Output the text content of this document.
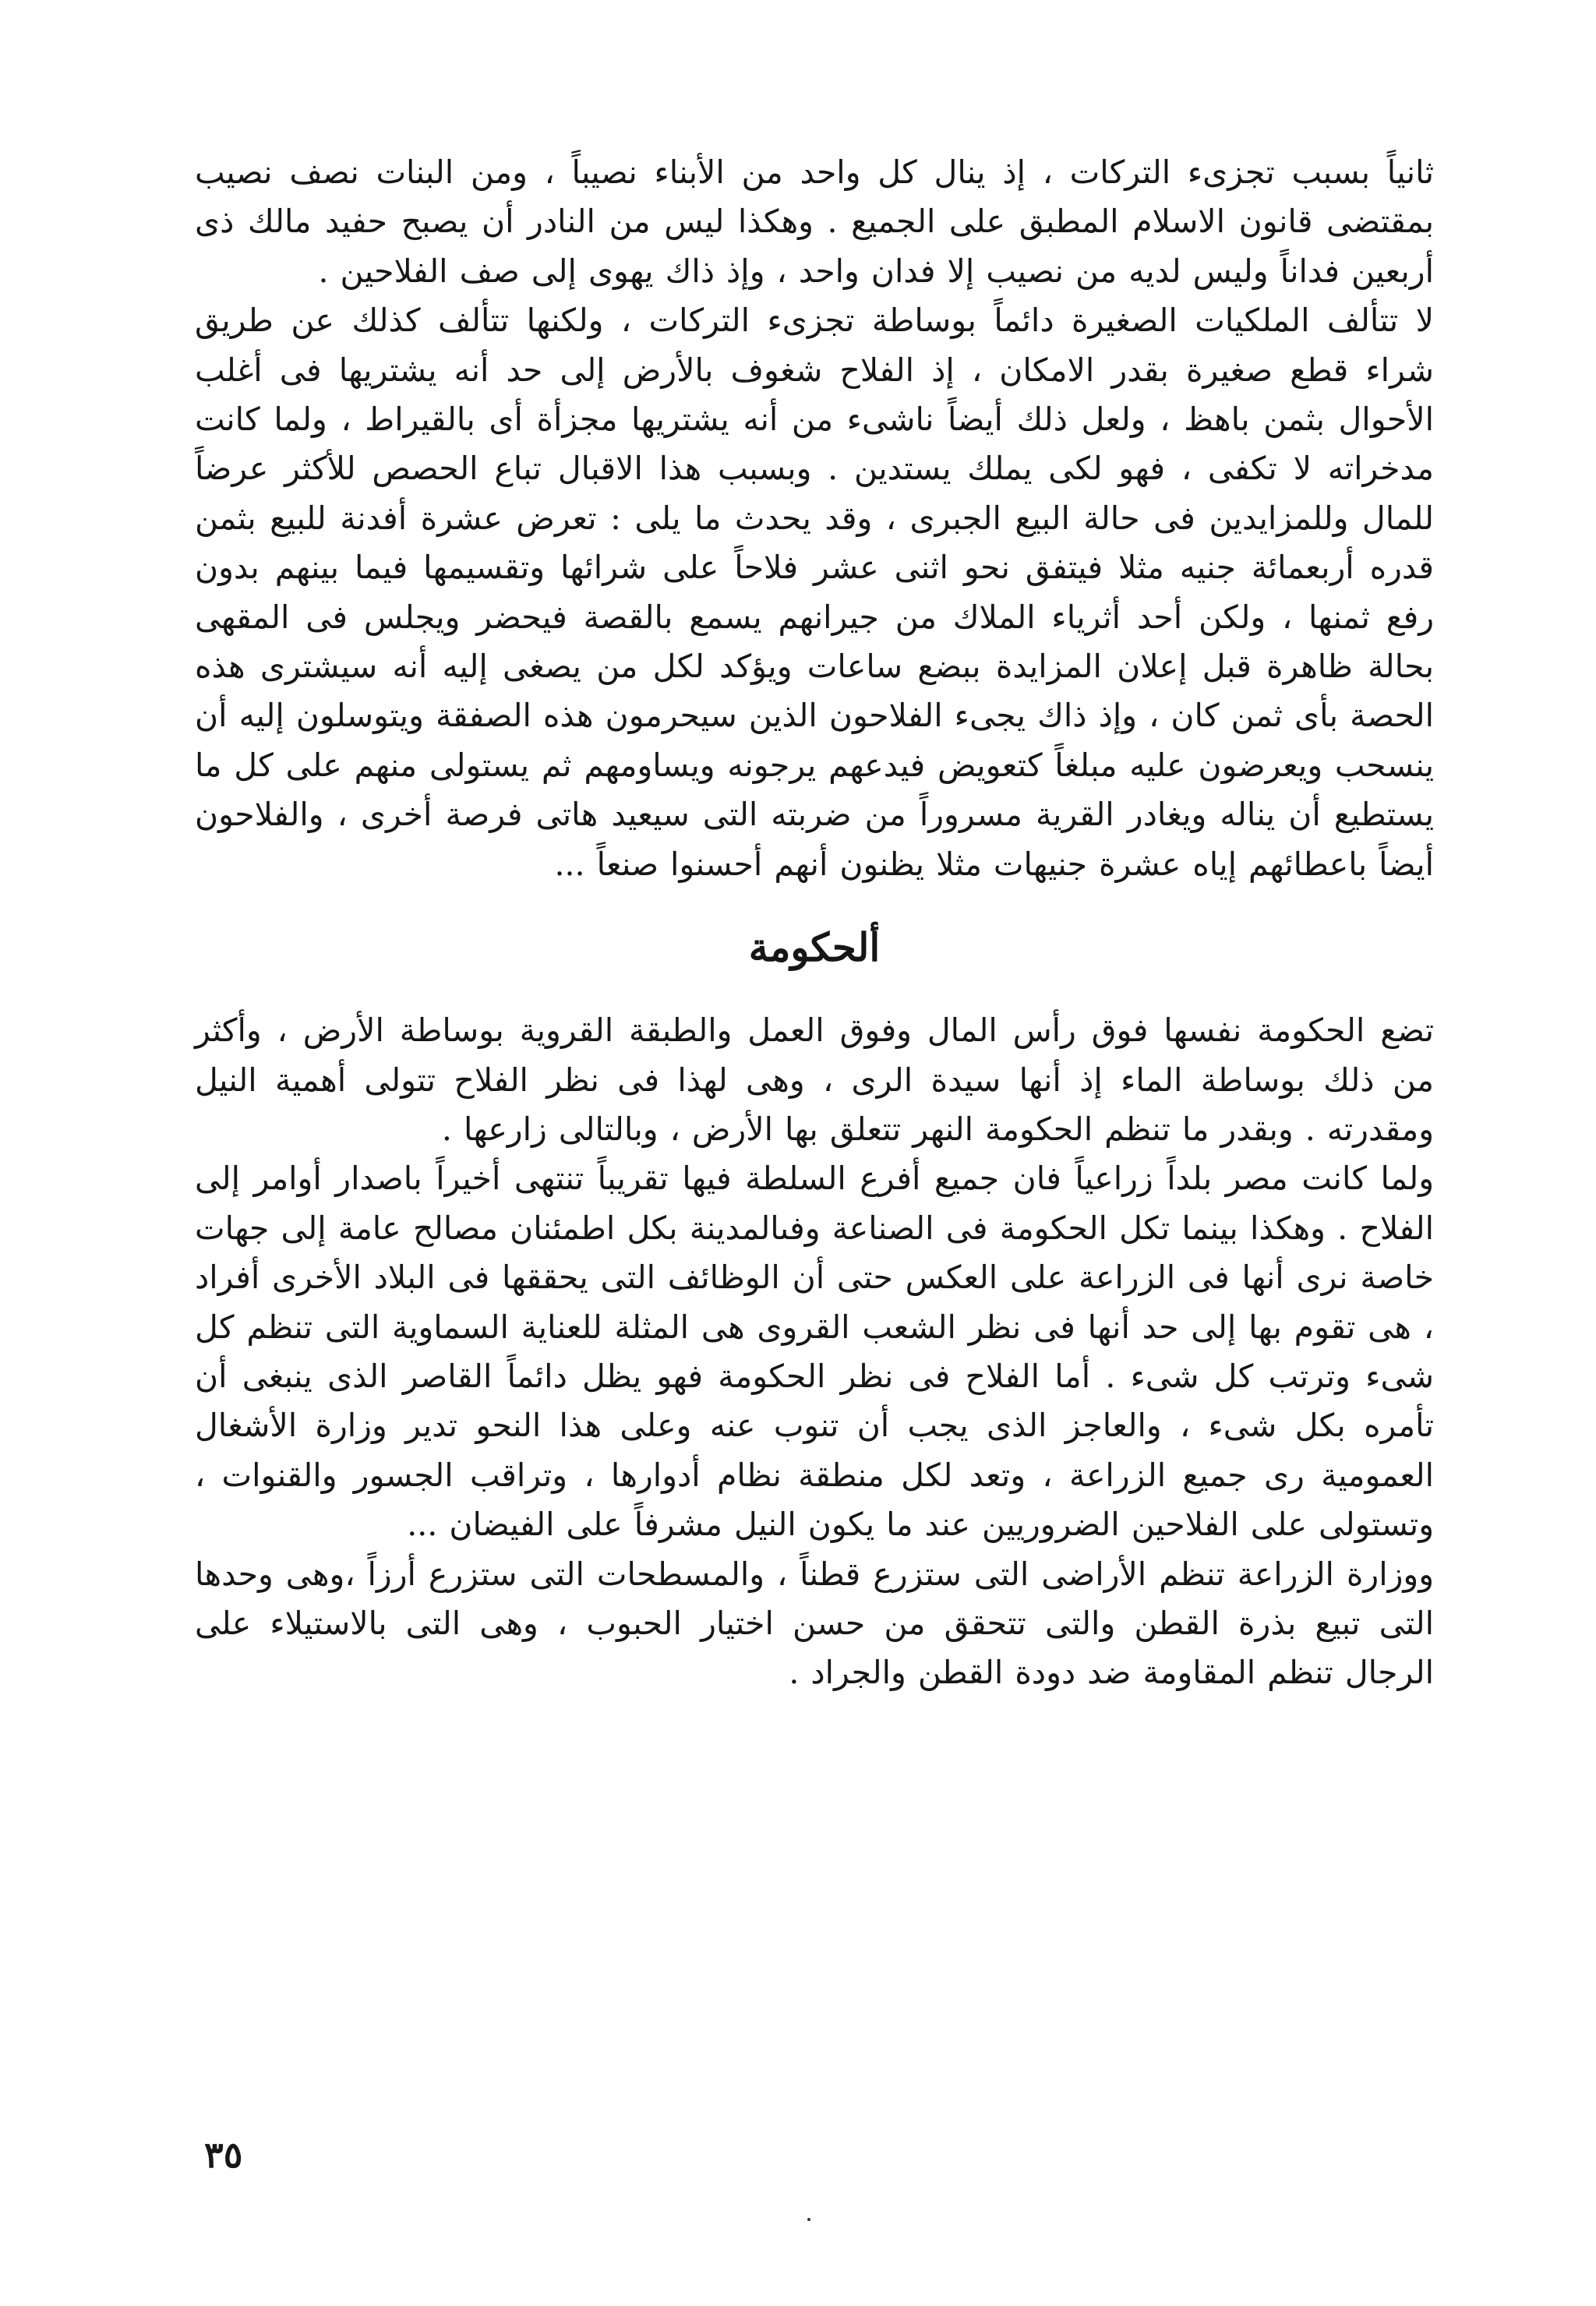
ثانياً بسبب تجزىء التركات ، إذ ينال كل واحد من الأبناء نصيباً ، ومن البنات نصف نصيب بمقتضى قانون الاسلام المطبق على الجميع . وهكذا ليس من النادر أن يصبح حفيد مالك ذى أربعين فداناً وليس لديه من نصيب إلا فدان واحد ، وإذ ذاك يهوى إلى صف الفلاحين .

لا تتألف الملكيات الصغيرة دائماً بوساطة تجزىء التركات ، ولكنها تتألف كذلك عن طريق شراء قطع صغيرة بقدر الامكان ، إذ الفلاح شغوف بالأرض إلى حد أنه يشتريها فى أغلب الأحوال بثمن باهظ ، ولعل ذلك أيضاً ناشىء من أنه يشتريها مجزأة أى بالقيراط ، ولما كانت مدخراته لا تكفى ، فهو لكى يملك يستدين . وبسبب هذا الاقبال تباع الحصص للأكثر عرضاً للمال وللمزايدين فى حالة البيع الجبرى ، وقد يحدث ما يلى : تعرض عشرة أفدنة للبيع بثمن قدره أربعمائة جنيه مثلا فيتفق نحو اثنى عشر فلاحاً على شرائها وتقسيمها فيما بينهم بدون رفع ثمنها ، ولكن أحد أثرياء الملاك من جيرانهم يسمع بالقصة فيحضر ويجلس فى المقهى بحالة ظاهرة قبل إعلان المزايدة ببضع ساعات ويؤكد لكل من يصغى إليه أنه سيشترى هذه الحصة بأى ثمن كان ، وإذ ذاك يجىء الفلاحون الذين سيحرمون هذه الصفقة ويتوسلون إليه أن ينسحب ويعرضون عليه مبلغاً كتعويض فيدعهم يرجونه ويساومهم ثم يستولى منهم على كل ما يستطيع أن يناله ويغادر القرية مسروراً من ضربته التى سيعيد هاتى فرصة أخرى ، والفلاحون أيضاً باعطائهم إياه عشرة جنيهات مثلا يظنون أنهم أحسنوا صنعاً ...

ألحكومة

تضع الحكومة نفسها فوق رأس المال وفوق العمل والطبقة القروية بوساطة الأرض ، وأكثر من ذلك بوساطة الماء إذ أنها سيدة الرى ، وهى لهذا فى نظر الفلاح تتولى أهمية النيل ومقدرته . وبقدر ما تنظم الحكومة النهر تتعلق بها الأرض ، وبالتالى زارعها .

ولما كانت مصر بلداً زراعياً فان جميع أفرع السلطة فيها تقريباً تنتهى أخيراً باصدار أوامر إلى الفلاح . وهكذا بينما تكل الحكومة فى الصناعة وفىالمدينة بكل اطمئنان مصالح عامة إلى جهات خاصة نرى أنها فى الزراعة على العكس حتى أن الوظائف التى يحققها فى البلاد الأخرى أفراد ، هى تقوم بها إلى حد أنها فى نظر الشعب القروى هى المثلة للعناية السماوية التى تنظم كل شىء وترتب كل شىء . أما الفلاح فى نظر الحكومة فهو يظل دائماً القاصر الذى ينبغى أن تأمره بكل شىء ، والعاجز الذى يجب أن تنوب عنه وعلى هذا النحو تدير وزارة الأشغال العمومية رى جميع الزراعة ، وتعد لكل منطقة نظام أدوارها ، وتراقب الجسور والقنوات ، وتستولى على الفلاحين الضروريين عند ما يكون النيل مشرفاً على الفيضان ...

ووزارة الزراعة تنظم الأراضى التى ستزرع قطناً ، والمسطحات التى ستزرع أرزاً ،وهى وحدها التى تبيع بذرة القطن والتى تتحقق من حسن اختيار الحبوب ، وهى التى بالاستيلاء على الرجال تنظم المقاومة ضد دودة القطن والجراد .

٣٥
